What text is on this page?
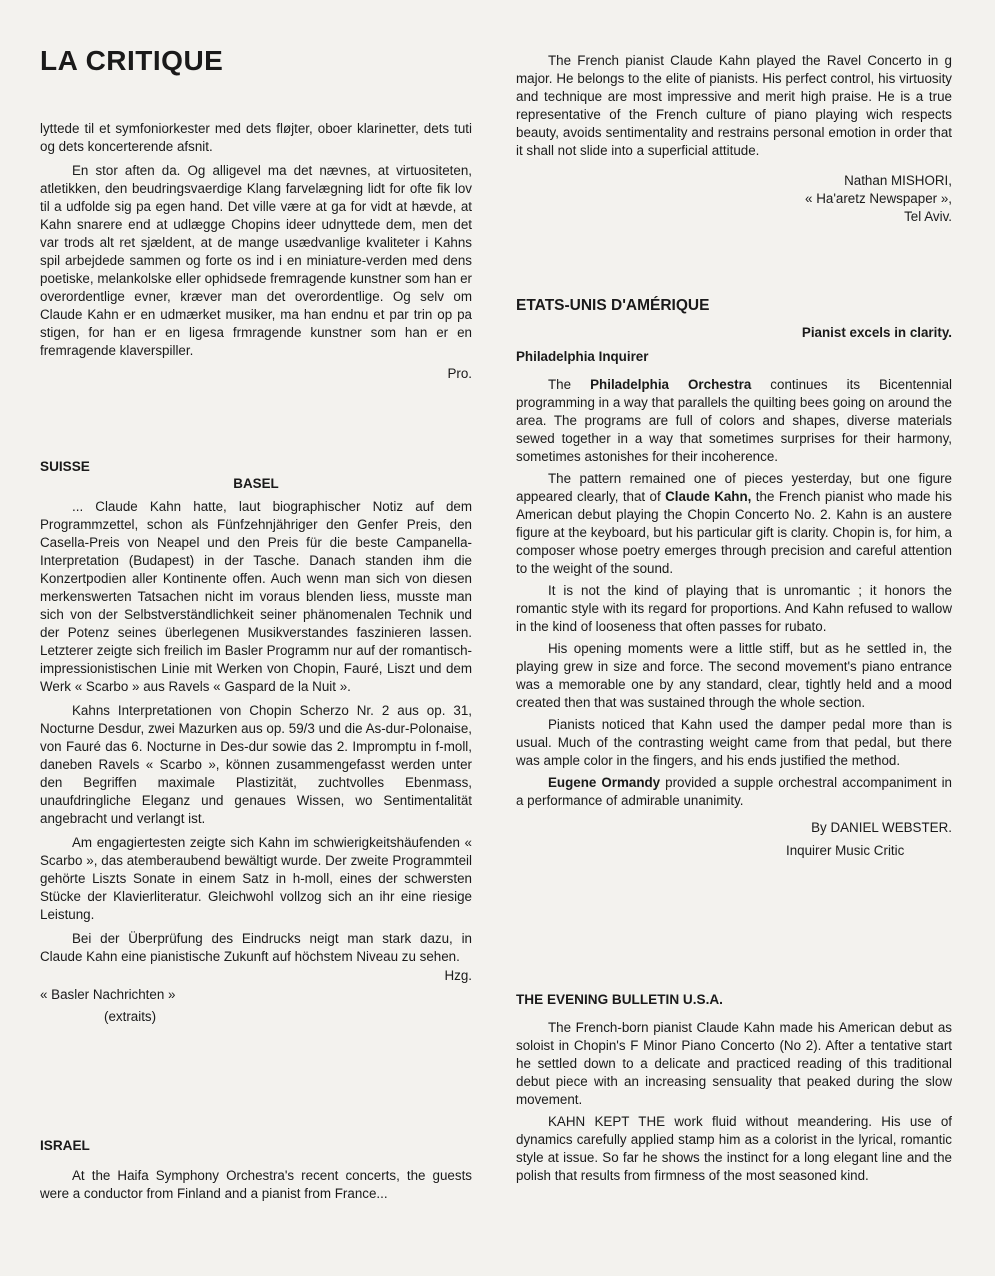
LA CRITIQUE

lyttede til et symfoniorkester med dets fløjter, oboer klarinetter, dets tuti og dets koncerterende afsnit.

En stor aften da. Og alligevel ma det nævnes, at virtuositeten, atletikken, den beudringsvaerdige Klang farvelægning lidt for ofte fik lov til a udfolde sig pa egen hand. Det ville være at ga for vidt at hævde, at Kahn snarere end at udlægge Chopins ideer udnyttede dem, men det var trods alt ret sjældent, at de mange usædvanlige kvaliteter i Kahns spil arbejdede sammen og forte os ind i en miniature-verden med dens poetiske, melankolske eller ophidsede fremragende kunstner som han er overordentlige evner, kræver man det overordentlige. Og selv om Claude Kahn er en udmærket musiker, ma han endnu et par trin op pa stigen, for han er en ligesa frmragende kunstner som han er en fremragende klaverspiller.

Pro.

SUISSE
BASEL

... Claude Kahn hatte, laut biographischer Notiz auf dem Programmzettel, schon als Fünfzehnjähriger den Genfer Preis, den Casella-Preis von Neapel und den Preis für die beste Campanella-Interpretation (Budapest) in der Tasche. Danach standen ihm die Konzertpodien aller Kontinente offen. Auch wenn man sich von diesen merkenswerten Tatsachen nicht im voraus blenden liess, musste man sich von der Selbstverständlichkeit seiner phänomenalen Technik und der Potenz seines überlegenen Musikverstandes faszinieren lassen. Letzterer zeigte sich freilich im Basler Programm nur auf der romantisch-impressionistischen Linie mit Werken von Chopin, Fauré, Liszt und dem Werk « Scarbo » aus Ravels « Gaspard de la Nuit ».

Kahns Interpretationen von Chopin Scherzo Nr. 2 aus op. 31, Nocturne Desdur, zwei Mazurken aus op. 59/3 und die As-dur-Polonaise, von Fauré das 6. Nocturne in Des-dur sowie das 2. Impromptu in f-moll, daneben Ravels « Scarbo », können zusammengefasst werden unter den Begriffen maximale Plastizität, zuchtvolles Ebenmass, unaufdringliche Eleganz und genaues Wissen, wo Sentimentalität angebracht und verlangt ist.

Am engagiertesten zeigte sich Kahn im schwierigkeitshäufenden « Scarbo », das atemberaubend bewältigt wurde. Der zweite Programmteil gehörte Liszts Sonate in einem Satz in h-moll, eines der schwersten Stücke der Klavierliteratur. Gleichwohl vollzog sich an ihr eine riesige Leistung.

Bei der Überprüfung des Eindrucks neigt man stark dazu, in Claude Kahn eine pianistische Zukunft auf höchstem Niveau zu sehen.

Hzg.

« Basler Nachrichten »

(extraits)

ISRAEL

At the Haifa Symphony Orchestra's recent concerts, the guests were a conductor from Finland and a pianist from France...

The French pianist Claude Kahn played the Ravel Concerto in g major. He belongs to the elite of pianists. His perfect control, his virtuosity and technique are most impressive and merit high praise. He is a true representative of the French culture of piano playing wich respects beauty, avoids sentimentality and restrains personal emotion in order that it shall not slide into a superficial attitude.

Nathan MISHORI,

« Ha'aretz Newspaper »,

Tel Aviv.

ETATS-UNIS D'AMÉRIQUE

Pianist excels in clarity.

Philadelphia Inquirer

The Philadelphia Orchestra continues its Bicentennial programming in a way that parallels the quilting bees going on around the area. The programs are full of colors and shapes, diverse materials sewed together in a way that sometimes surprises for their harmony, sometimes astonishes for their incoherence.

The pattern remained one of pieces yesterday, but one figure appeared clearly, that of Claude Kahn, the French pianist who made his American debut playing the Chopin Concerto No. 2. Kahn is an austere figure at the keyboard, but his particular gift is clarity. Chopin is, for him, a composer whose poetry emerges through precision and careful attention to the weight of the sound.

It is not the kind of playing that is unromantic ; it honors the romantic style with its regard for proportions. And Kahn refused to wallow in the kind of looseness that often passes for rubato.

His opening moments were a little stiff, but as he settled in, the playing grew in size and force. The second movement's piano entrance was a memorable one by any standard, clear, tightly held and a mood created then that was sustained through the whole section.

Pianists noticed that Kahn used the damper pedal more than is usual. Much of the contrasting weight came from that pedal, but there was ample color in the fingers, and his ends justified the method.

Eugene Ormandy provided a supple orchestral accompaniment in a performance of admirable unanimity.

By DANIEL WEBSTER.

Inquirer Music Critic

THE EVENING BULLETIN U.S.A.

The French-born pianist Claude Kahn made his American debut as soloist in Chopin's F Minor Piano Concerto (No 2). After a tentative start he settled down to a delicate and practiced reading of this traditional debut piece with an increasing sensuality that peaked during the slow movement.

KAHN KEPT THE work fluid without meandering. His use of dynamics carefully applied stamp him as a colorist in the lyrical, romantic style at issue. So far he shows the instinct for a long elegant line and the polish that results from firmness of the most seasoned kind.
